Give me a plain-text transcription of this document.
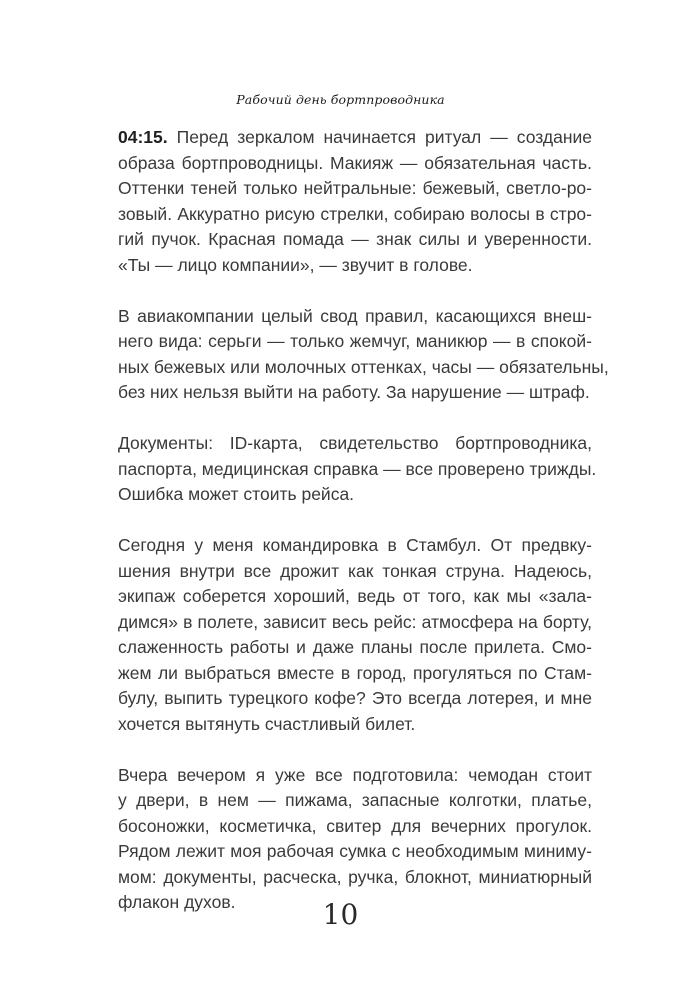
Рабочий день бортпроводника
04:15. Перед зеркалом начинается ритуал — создание
образа бортпроводницы. Макияж — обязательная часть.
Оттенки теней только нейтральные: бежевый, светло-ро-
зовый. Аккуратно рисую стрелки, собираю волосы в стро-
гий пучок. Красная помада — знак силы и уверенности.
«Ты — лицо компании», — звучит в голове.
В авиакомпании целый свод правил, касающихся внеш-
него вида: серьги — только жемчуг, маникюр — в спокой-
ных бежевых или молочных оттенках, часы — обязательны,
без них нельзя выйти на работу. За нарушение — штраф.
Документы: ID-карта, свидетельство бортпроводника,
паспорта, медицинская справка — все проверено трижды.
Ошибка может стоить рейса.
Сегодня у меня командировка в Стамбул. От предвку-
шения внутри все дрожит как тонкая струна. Надеюсь,
экипаж соберется хороший, ведь от того, как мы «зала-
димся» в полете, зависит весь рейс: атмосфера на борту,
слаженность работы и даже планы после прилета. Смо-
жем ли выбраться вместе в город, прогуляться по Стам-
булу, выпить турецкого кофе? Это всегда лотерея, и мне
хочется вытянуть счастливый билет.
Вчера вечером я уже все подготовила: чемодан стоит
у двери, в нем — пижама, запасные колготки, платье,
босоножки, косметичка, свитер для вечерних прогулок.
Рядом лежит моя рабочая сумка с необходимым миниму-
мом: документы, расческа, ручка, блокнот, миниатюрный
флакон духов.	10
